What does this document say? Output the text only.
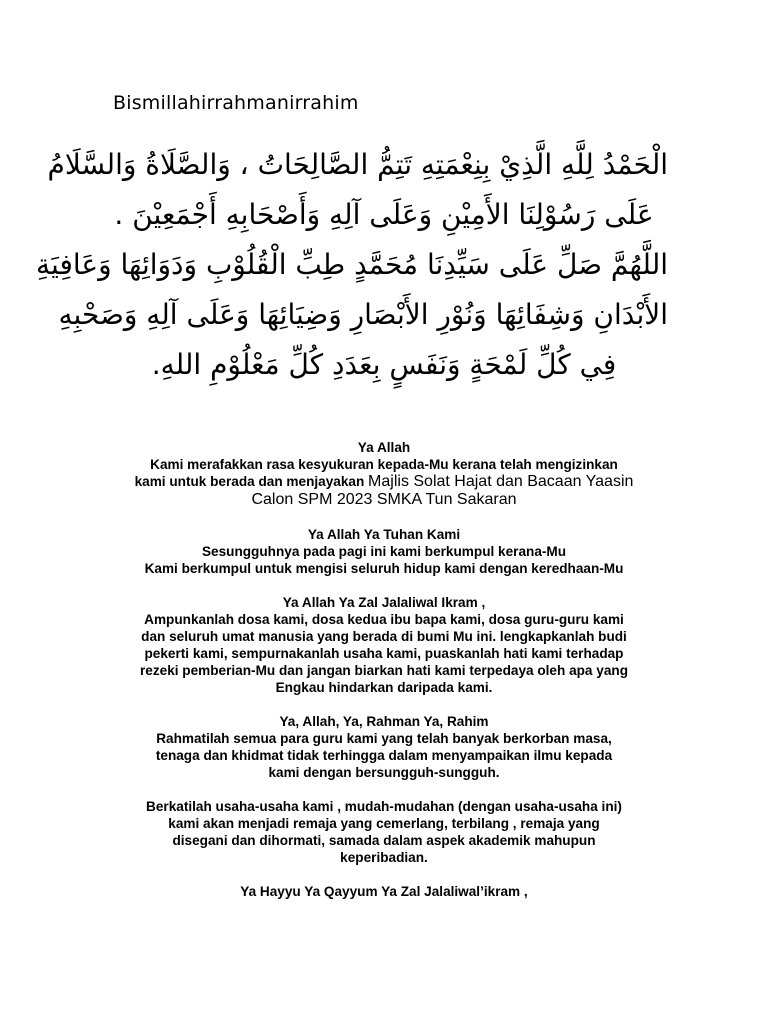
Bismillahirrahmanirrahim
الْحَمْدُ لِلَّهِ الَّذِيْ بِنِعْمَتِهِ تَتِمُّ الصَّالِحَاتُ ، وَالصَّلَاةُ وَالسَّلَامُ
عَلَى رَسُوْلِنَا الأَمِيْنِ وَعَلَى آلِهِ وَأَصْحَابِهِ أَجْمَعِيْنَ .
اللَّهُمَّ صَلِّ عَلَى سَيِّدِنَا مُحَمَّدٍ طِبِّ الْقُلُوْبِ وَدَوَائِهَا وَعَافِيَةِ
الأَبْدَانِ وَشِفَائِهَا وَنُوْرِ الأَبْصَارِ وَضِيَائِهَا وَعَلَى آلِهِ وَصَحْبِهِ
فِي كُلِّ لَمْحَةٍ وَنَفَسٍ بِعَدَدِ كُلِّ مَعْلُوْمِ اللهِ.
Ya Allah
Kami merafakkan rasa kesyukuran kepada-Mu kerana telah mengizinkan
kami untuk berada dan menjayakan Majlis Solat Hajat dan Bacaan Yaasin
Calon SPM 2023 SMKA Tun Sakaran
Ya Allah Ya Tuhan Kami
Sesungguhnya pada pagi ini kami berkumpul kerana-Mu
Kami berkumpul untuk mengisi seluruh hidup kami dengan keredhaan-Mu
Ya Allah Ya Zal Jalaliwal Ikram ,
Ampunkanlah dosa kami, dosa kedua ibu bapa kami, dosa guru-guru kami
dan seluruh umat manusia yang berada di bumi Mu ini. lengkapkanlah budi
pekerti kami, sempurnakanlah usaha kami, puaskanlah hati kami terhadap
rezeki pemberian-Mu dan jangan biarkan hati kami terpedaya oleh apa yang
Engkau hindarkan daripada kami.
Ya, Allah, Ya, Rahman Ya, Rahim
Rahmatilah semua para guru kami yang telah banyak berkorban masa,
tenaga dan khidmat tidak terhingga dalam menyampaikan ilmu kepada
kami dengan bersungguh-sungguh.
Berkatilah usaha-usaha kami , mudah-mudahan (dengan usaha-usaha ini)
kami akan menjadi remaja yang cemerlang, terbilang , remaja yang
disegani dan dihormati, samada dalam aspek akademik mahupun
keperibadian.
Ya Hayyu Ya Qayyum Ya Zal Jalaliwal’ikram ,
